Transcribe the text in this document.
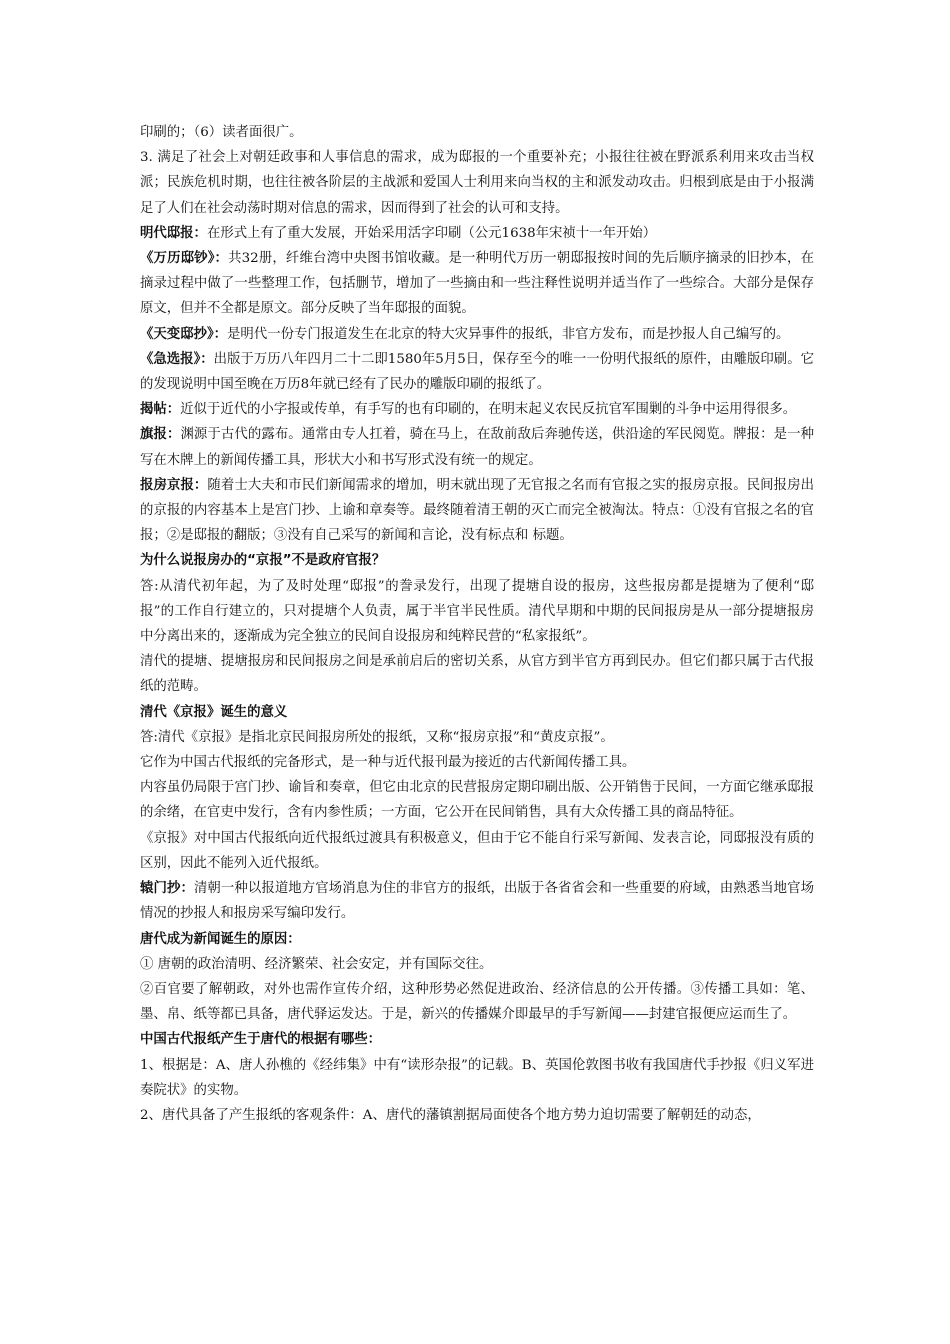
印刷的；（6）读者面很广。

3. 满足了社会上对朝廷政事和人事信息的需求，成为邸报的一个重要补充；小报往往被在野派系利用来攻击当权派；民族危机时期，也往往被各阶层的主战派和爱国人士利用来向当权的主和派发动攻击。归根到底是由于小报满足了人们在社会动荡时期对信息的需求，因而得到了社会的认可和支持。

明代邸报：在形式上有了重大发展，开始采用活字印刷（公元1638年宋祯十一年开始）

《万历邸钞》：共32册，纤维台湾中央图书馆收藏。是一种明代万历一朝邸报按时间的先后顺序摘录的旧抄本，在摘录过程中做了一些整理工作，包括删节，增加了一些摘由和一些注释性说明并适当作了一些综合。大部分是保存原文，但并不全都是原文。部分反映了当年邸报的面貌。

《天变邸抄》：是明代一份专门报道发生在北京的特大灾异事件的报纸，非官方发布，而是抄报人自己编写的。

《急选报》：出版于万历八年四月二十二即1580年5月5日，保存至今的唯一一份明代报纸的原件，由雕版印刷。它的发现说明中国至晚在万历8年就已经有了民办的雕版印刷的报纸了。

揭帖：近似于近代的小字报或传单，有手写的也有印刷的，在明末起义农民反抗官军围剿的斗争中运用得很多。

旗报：渊源于古代的露布。通常由专人扛着，骑在马上，在敌前敌后奔驰传送，供沿途的军民阅览。牌报：是一种写在木牌上的新闻传播工具，形状大小和书写形式没有统一的规定。

报房京报：随着士大夫和市民们新闻需求的增加，明末就出现了无官报之名而有官报之实的报房京报。民间报房出的京报的内容基本上是宫门抄、上谕和章奏等。最终随着清王朝的灭亡而完全被淘汰。特点：①没有官报之名的官报；②是邸报的翻版；③没有自己采写的新闻和言论，没有标点和 标题。

为什么说报房办的“京报”不是政府官报？

答:从清代初年起，为了及时处理“邸报”的誊录发行，出现了提塘自设的报房，这些报房都是提塘为了便利“邸报”的工作自行建立的，只对提塘个人负责，属于半官半民性质。清代早期和中期的民间报房是从一部分提塘报房中分离出来的，逐渐成为完全独立的民间自设报房和纯粹民营的“私家报纸”。

清代的提塘、提塘报房和民间报房之间是承前启后的密切关系，从官方到半官方再到民办。但它们都只属于古代报纸的范畴。

清代《京报》诞生的意义

答:清代《京报》是指北京民间报房所处的报纸，又称“报房京报”和“黄皮京报”。

它作为中国古代报纸的完备形式，是一种与近代报刊最为接近的古代新闻传播工具。

内容虽仍局限于宫门抄、谕旨和奏章，但它由北京的民营报房定期印刷出版、公开销售于民间，一方面它继承邸报的余绪，在官吏中发行，含有内参性质；一方面，它公开在民间销售，具有大众传播工具的商品特征。

《京报》对中国古代报纸向近代报纸过渡具有积极意义，但由于它不能自行采写新闻、发表言论，同邸报没有质的区别，因此不能列入近代报纸。

辕门抄：清朝一种以报道地方官场消息为住的非官方的报纸，出版于各省省会和一些重要的府域，由熟悉当地官场情况的抄报人和报房采写编印发行。

唐代成为新闻诞生的原因：

① 唐朝的政治清明、经济繁荣、社会安定，并有国际交往。

②百官要了解朝政，对外也需作宣传介绍，这种形势必然促进政治、经济信息的公开传播。③传播工具如：笔、墨、帛、纸等都已具备，唐代驿运发达。于是，新兴的传播媒介即最早的手写新闻——封建官报便应运而生了。

中国古代报纸产生于唐代的根据有哪些：

1、根据是：A、唐人孙樵的《经纬集》中有“读形杂报”的记载。B、英国伦敦图书收有我国唐代手抄报《归义军进奏院状》的实物。

2、唐代具备了产生报纸的客观条件：A、唐代的藩镇割据局面使各个地方势力迫切需要了解朝廷的动态，
